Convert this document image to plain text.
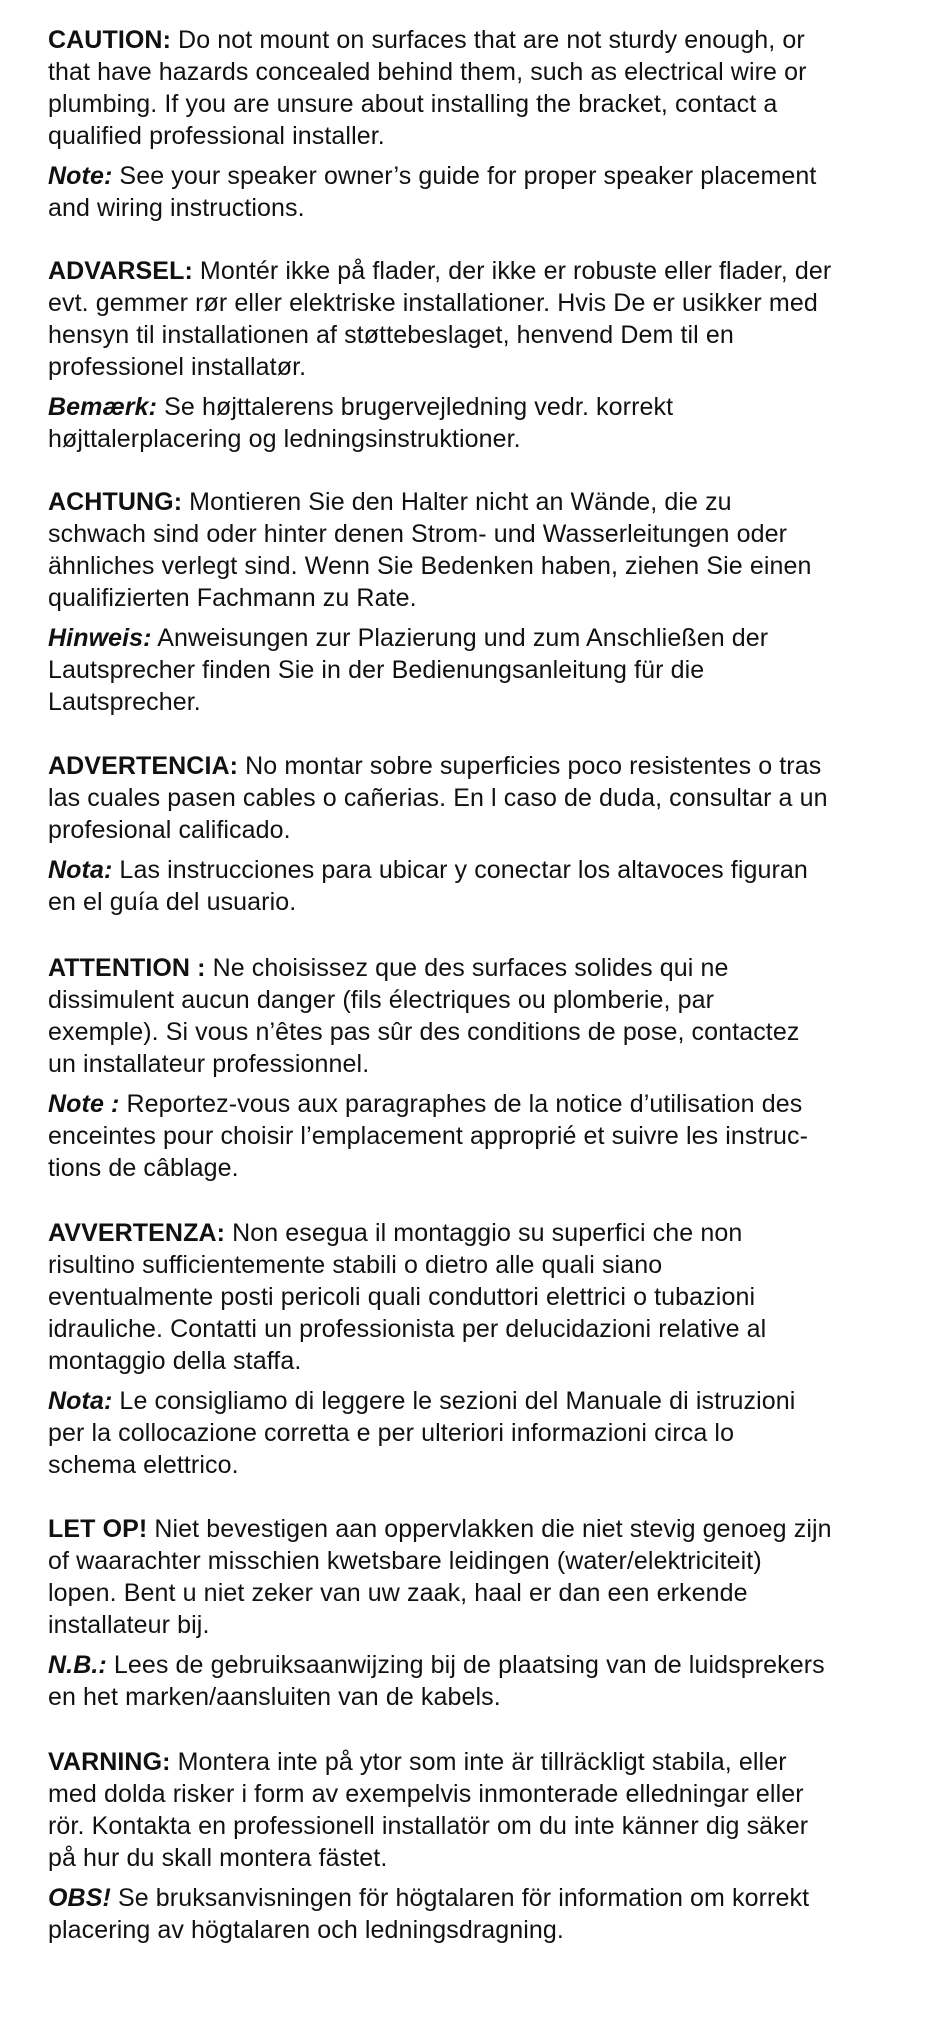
CAUTION: Do not mount on surfaces that are not sturdy enough, or
that have hazards concealed behind them, such as electrical wire or
plumbing. If you are unsure about installing the bracket, contact a
qualified professional installer.

Note: See your speaker owner’s guide for proper speaker placement
and wiring instructions.

ADVARSEL: Montér ikke på flader, der ikke er robuste eller flader, der
evt. gemmer rør eller elektriske installationer. Hvis De er usikker med
hensyn til installationen af støttebeslaget, henvend Dem til en
professionel installatør.

Bemærk: Se højttalerens brugervejledning vedr. korrekt
højttalerplacering og ledningsinstruktioner.

ACHTUNG: Montieren Sie den Halter nicht an Wände, die zu
schwach sind oder hinter denen Strom- und Wasserleitungen oder
ähnliches verlegt sind. Wenn Sie Bedenken haben, ziehen Sie einen
qualifizierten Fachmann zu Rate.

Hinweis: Anweisungen zur Plazierung und zum Anschließen der
Lautsprecher finden Sie in der Bedienungsanleitung für die
Lautsprecher.

ADVERTENCIA: No montar sobre superficies poco resistentes o tras
las cuales pasen cables o cañerias. En l caso de duda, consultar a un
profesional calificado.

Nota: Las instrucciones para ubicar y conectar los altavoces figuran
en el guía del usuario.

ATTENTION : Ne choisissez que des surfaces solides qui ne
dissimulent aucun danger (fils électriques ou plomberie, par
exemple). Si vous n’êtes pas sûr des conditions de pose, contactez
un installateur professionnel.

Note : Reportez-vous aux paragraphes de la notice d’utilisation des
enceintes pour choisir l’emplacement approprié et suivre les instruc-
tions de câblage.

AVVERTENZA: Non esegua il montaggio su superfici che non
risultino sufficientemente stabili o dietro alle quali siano
eventualmente posti pericoli quali conduttori elettrici o tubazioni
idrauliche. Contatti un professionista per delucidazioni relative al
montaggio della staffa.

Nota: Le consigliamo di leggere le sezioni del Manuale di istruzioni
per la collocazione corretta e per ulteriori informazioni circa lo
schema elettrico.

LET OP! Niet bevestigen aan oppervlakken die niet stevig genoeg zijn
of waarachter misschien kwetsbare leidingen (water/elektriciteit)
lopen. Bent u niet zeker van uw zaak, haal er dan een erkende
installateur bij.

N.B.: Lees de gebruiksaanwijzing bij de plaatsing van de luidsprekers
en het marken/aansluiten van de kabels.

VARNING: Montera inte på ytor som inte är tillräckligt stabila, eller
med dolda risker i form av exempelvis inmonterade elledningar eller
rör. Kontakta en professionell installatör om du inte känner dig säker
på hur du skall montera fästet.

OBS! Se bruksanvisningen för högtalaren för information om korrekt
placering av högtalaren och ledningsdragning.
